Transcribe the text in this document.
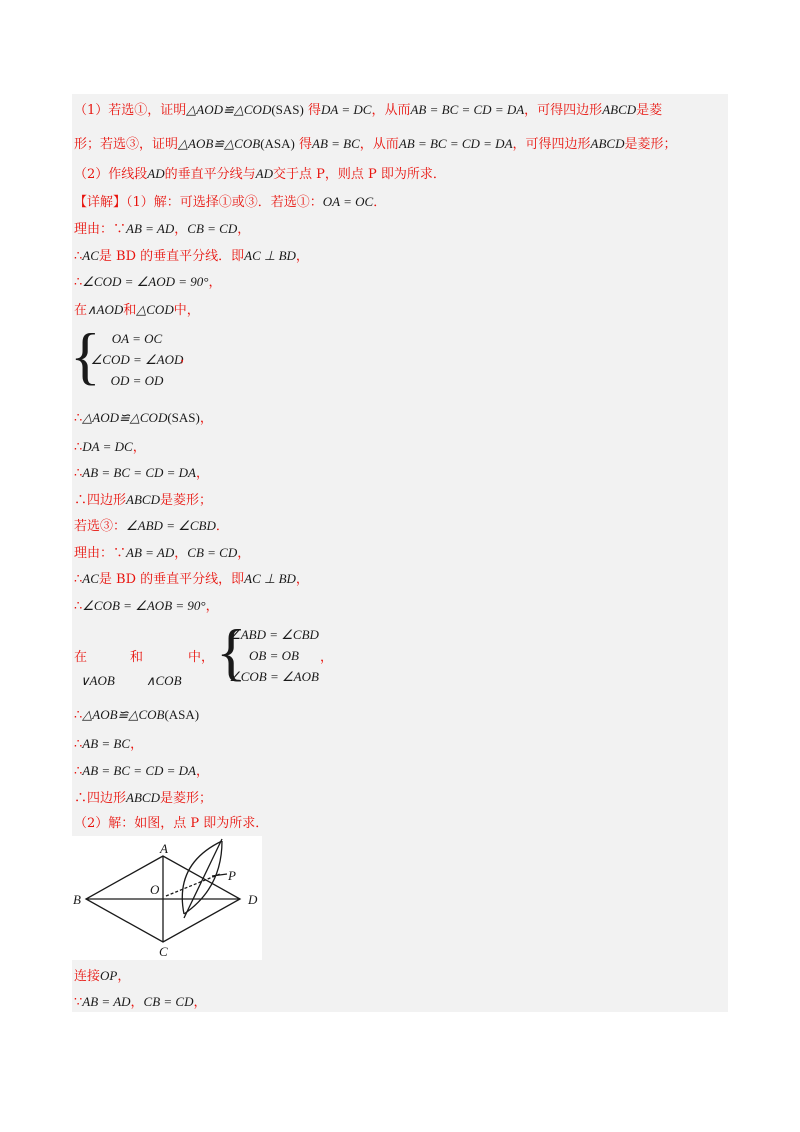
（1）若选①，证明△AOD≌△COD(SAS) 得DA = DC，从而AB = BC = CD = DA，可得四边形ABCD是菱
形；若选③，证明△AOB≌△COB(ASA) 得AB = BC，从而AB = BC = CD = DA，可得四边形ABCD是菱形；
（2）作线段AD的垂直平分线与AD交于点 P，则点 P 即为所求．
【详解】（1）解：可选择①或③．若选①：OA = OC．
理由：∵AB = AD，CB = CD，
∴AC是 BD 的垂直平分线．即AC ⊥ BD，
∴∠COD = ∠AOD = 90°，
在∧AOD和△COD中，
{ OA = OC
∠COD = ∠AOD
OD = OD
，
∴△AOD≌△COD(SAS)，
∴DA = DC，
∴AB = BC = CD = DA，
∴四边形ABCD是菱形；
若选③：∠ABD = ∠CBD．
理由：∵AB = AD，CB = CD，
∴AC是 BD 的垂直平分线，即AC ⊥ BD，
∴∠COB = ∠AOB = 90°，
在	和	中，
∨AOB ∧COB {
∠ABD = ∠CBD
OB = OB
∠COB = ∠AOB
，
∴△AOB≌△COB(ASA)
∴AB = BC，
∴AB = BC = CD = DA，
∴四边形ABCD是菱形；
（2）解：如图，点 P 即为所求．
A
B
C
D
O
P
连接OP，
∵AB = AD，CB = CD，
